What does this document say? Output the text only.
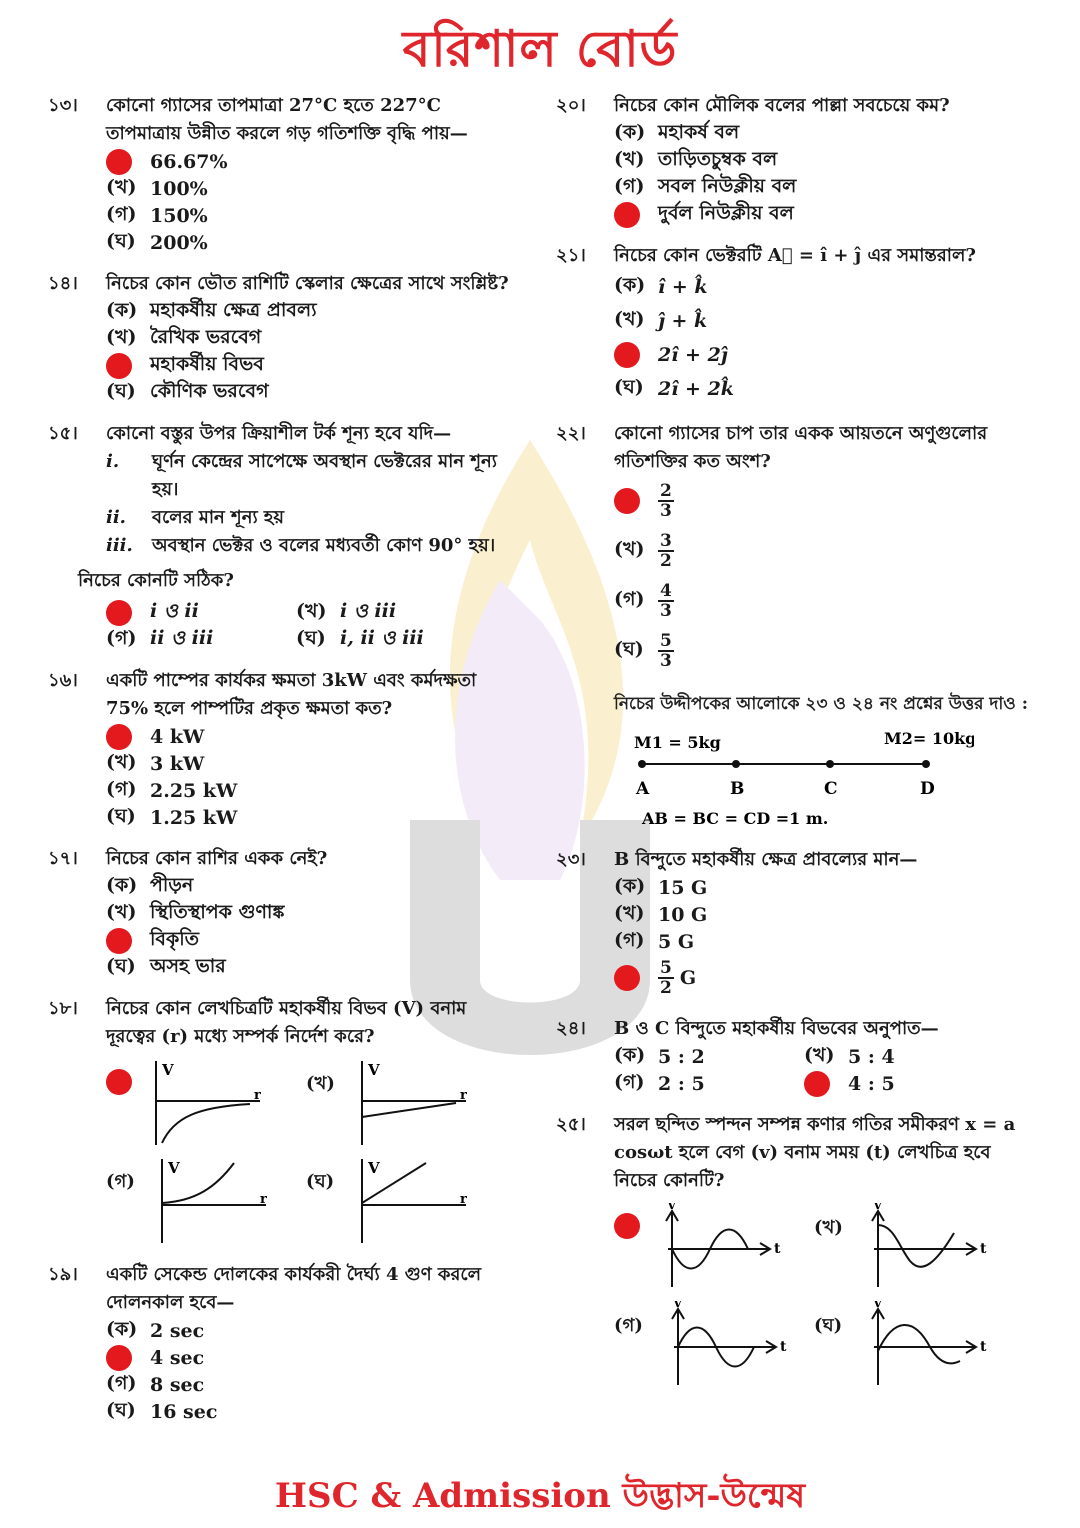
বরিশাল বোর্ড
১৩।	কোনো গ্যাসের তাপমাত্রা 27°C হতে 227°C তাপমাত্রায় উন্নীত করলে গড় গতিশক্তি বৃদ্ধি পায়—
66.67%
(খ) 100%
(গ) 150%
(ঘ) 200%
১৪।	নিচের কোন ভৌত রাশিটি স্কেলার ক্ষেত্রের সাথে সংশ্লিষ্ট?
(ক) মহাকর্ষীয় ক্ষেত্র প্রাবল্য
(খ) রৈখিক ভরবেগ
মহাকর্ষীয় বিভব
(ঘ) কৌণিক ভরবেগ
১৫।	কোনো বস্তুর উপর ক্রিয়াশীল টর্ক শূন্য হবে যদি—
i.	ঘূর্ণন কেন্দ্রের সাপেক্ষে অবস্থান ভেক্টরের মান শূন্য হয়।
ii.	বলের মান শূন্য হয়
iii.	অবস্থান ভেক্টর ও বলের মধ্যবর্তী কোণ 90° হয়।
নিচের কোনটি সঠিক?
i ও ii	(খ) i ও iii
(গ) ii ও iii	(ঘ) i, ii ও iii
১৬।	একটি পাম্পের কার্যকর ক্ষমতা 3kW এবং কর্মদক্ষতা 75% হলে পাম্পটির প্রকৃত ক্ষমতা কত?
4 kW
(খ) 3 kW
(গ) 2.25 kW
(ঘ) 1.25 kW
১৭।	নিচের কোন রাশির একক নেই?
(ক) পীড়ন
(খ) স্থিতিস্থাপক গুণাঙ্ক
বিকৃতি
(ঘ) অসহ ভার
১৮।	নিচের কোন লেখচিত্রটি মহাকর্ষীয় বিভব (V) বনাম দূরত্বের (r) মধ্যে সম্পর্ক নির্দেশ করে?
V
r
(খ)
V
r
(গ)
V
r
(ঘ)
V
r
১৯।	একটি সেকেন্ড দোলকের কার্যকরী দৈর্ঘ্য 4 গুণ করলে দোলনকাল হবে—
(ক) 2 sec
4 sec
(গ) 8 sec
(ঘ) 16 sec
২০।	নিচের কোন মৌলিক বলের পাল্লা সবচেয়ে কম?
(ক) মহাকর্ষ বল
(খ) তাড়িতচুম্বক বল
(গ) সবল নিউক্লীয় বল
দুর্বল নিউক্লীয় বল
২১।	নিচের কোন ভেক্টরটি A⃗ = î + ĵ এর সমান্তরাল?
(ক) î + k̂
(খ) ĵ + k̂
2î + 2ĵ
(ঘ) 2î + 2k̂
২২।	কোনো গ্যাসের চাপ তার একক আয়তনে অণুগুলোর গতিশক্তির কত অংশ?
$\frac{2}{3}$
(খ) $\frac{3}{2}$
(গ) $\frac{4}{3}$
(ঘ) $\frac{5}{3}$
নিচের উদ্দীপকের আলোকে ২৩ ও ২৪ নং প্রশ্নের উত্তর দাও :
M1 = 5kg	M2= 10kg
A	B	C	D
AB = BC = CD =1 m.
২৩।	B বিন্দুতে মহাকর্ষীয় ক্ষেত্র প্রাবল্যের মান—
(ক) 15 G
(খ) 10 G
(গ) 5 G
$\frac{5}{2}$ G
২৪।	B ও C বিন্দুতে মহাকর্ষীয় বিভবের অনুপাত—
(ক) 5 : 2	(খ) 5 : 4
(গ) 2 : 5	4 : 5
২৫।	সরল ছন্দিত স্পন্দন সম্পন্ন কণার গতির সমীকরণ x = a cosωt হলে বেগ (v) বনাম সময় (t) লেখচিত্র হবে নিচের কোনটি?
v
t
(খ)
v
t
(গ)
v
t
(ঘ)
v
t
HSC & Admission উদ্ভাস-উন্মেষ
